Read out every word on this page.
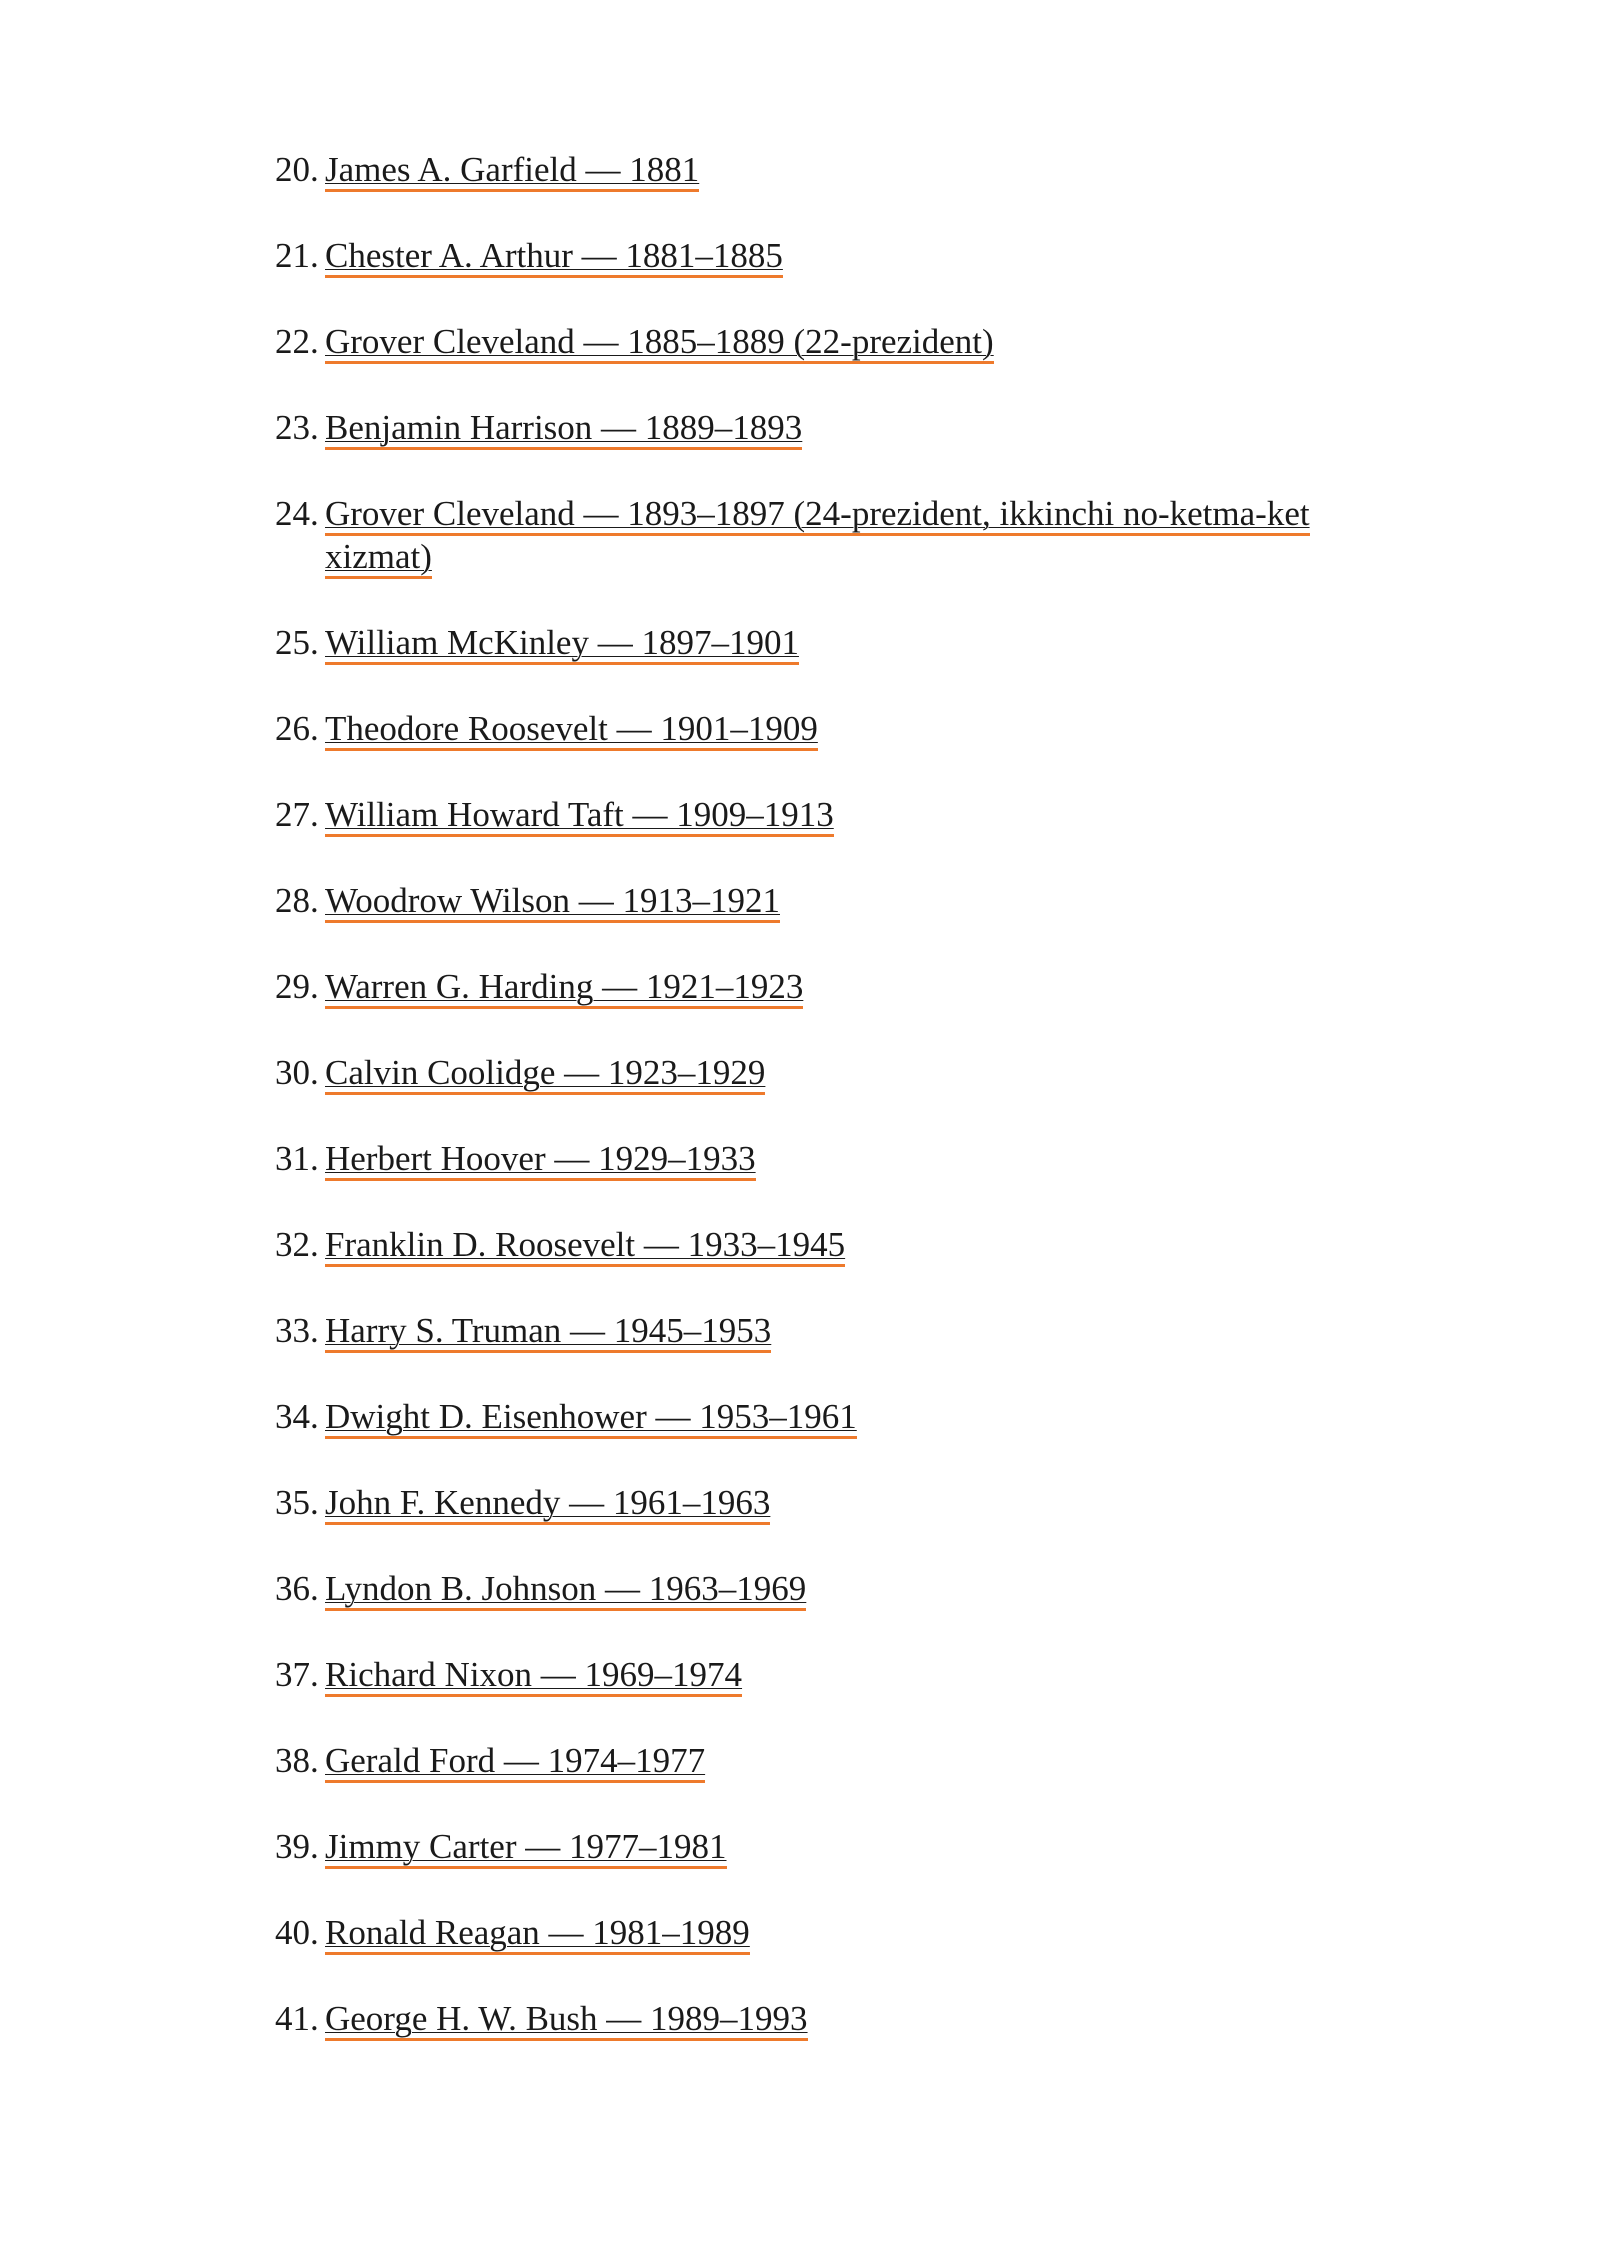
20. James A. Garfield — 1881
21. Chester A. Arthur — 1881–1885
22. Grover Cleveland — 1885–1889 (22-prezident)
23. Benjamin Harrison — 1889–1893
24. Grover Cleveland — 1893–1897 (24-prezident, ikkinchi no-ketma-ket xizmat)
25. William McKinley — 1897–1901
26. Theodore Roosevelt — 1901–1909
27. William Howard Taft — 1909–1913
28. Woodrow Wilson — 1913–1921
29. Warren G. Harding — 1921–1923
30. Calvin Coolidge — 1923–1929
31. Herbert Hoover — 1929–1933
32. Franklin D. Roosevelt — 1933–1945
33. Harry S. Truman — 1945–1953
34. Dwight D. Eisenhower — 1953–1961
35. John F. Kennedy — 1961–1963
36. Lyndon B. Johnson — 1963–1969
37. Richard Nixon — 1969–1974
38. Gerald Ford — 1974–1977
39. Jimmy Carter — 1977–1981
40. Ronald Reagan — 1981–1989
41. George H. W. Bush — 1989–1993
